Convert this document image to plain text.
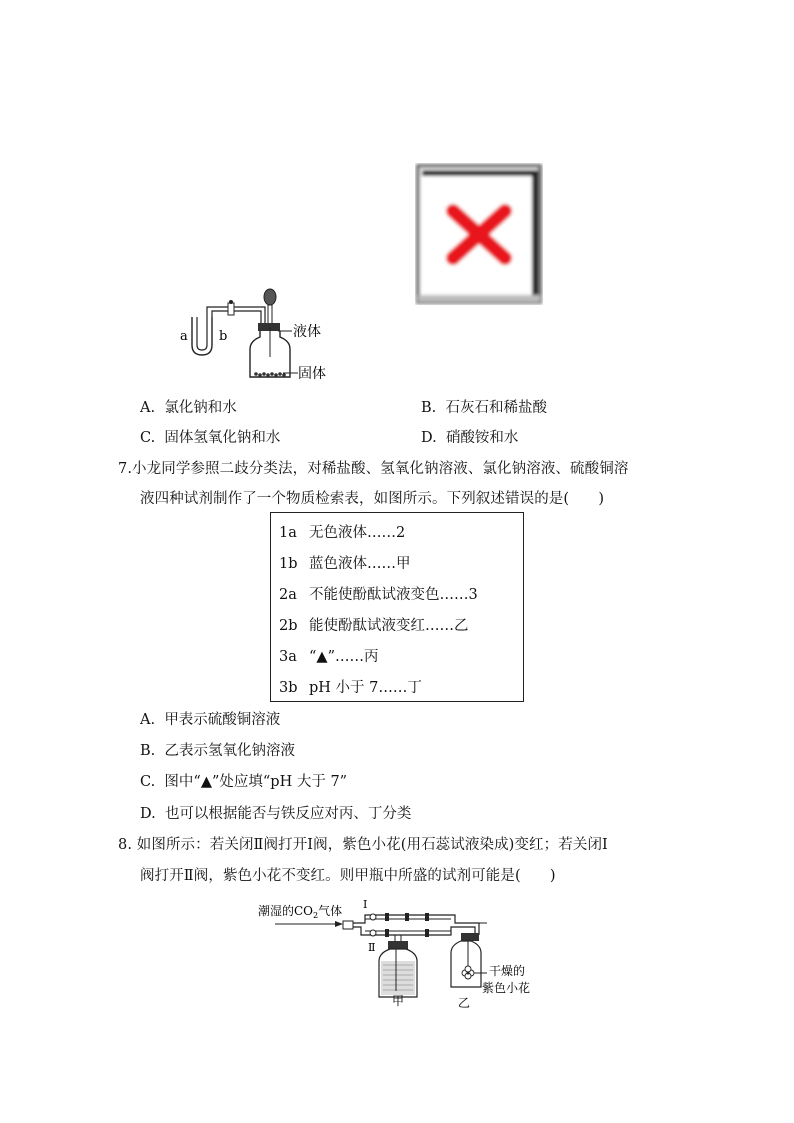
a b	液体
固体
A. 氯化钠和水	B. 石灰石和稀盐酸
C. 固体氢氧化钠和水	D. 硝酸铵和水
7.小龙同学参照二歧分类法，对稀盐酸、氢氧化钠溶液、氯化钠溶液、硫酸铜溶
液四种试剂制作了一个物质检索表，如图所示。下列叙述错误的是(　　)
1a 无色液体……2
1b 蓝色液体……甲
2a 不能使酚酞试液变色……3
2b 能使酚酞试液变红……乙
3a “▲”……丙
3b pH 小于 7……丁
A. 甲表示硫酸铜溶液
B. 乙表示氢氧化钠溶液
C. 图中“▲”处应填“pH 大于 7”
D. 也可以根据能否与铁反应对丙、丁分类
8. 如图所示：若关闭Ⅱ阀打开Ⅰ阀，紫色小花(用石蕊试液染成)变红；若关闭Ⅰ
阀打开Ⅱ阀，紫色小花不变红。则甲瓶中所盛的试剂可能是(　　)
潮湿的$CO_2$气体 Ⅰ
Ⅱ
干燥的
紫色小花
甲	乙
